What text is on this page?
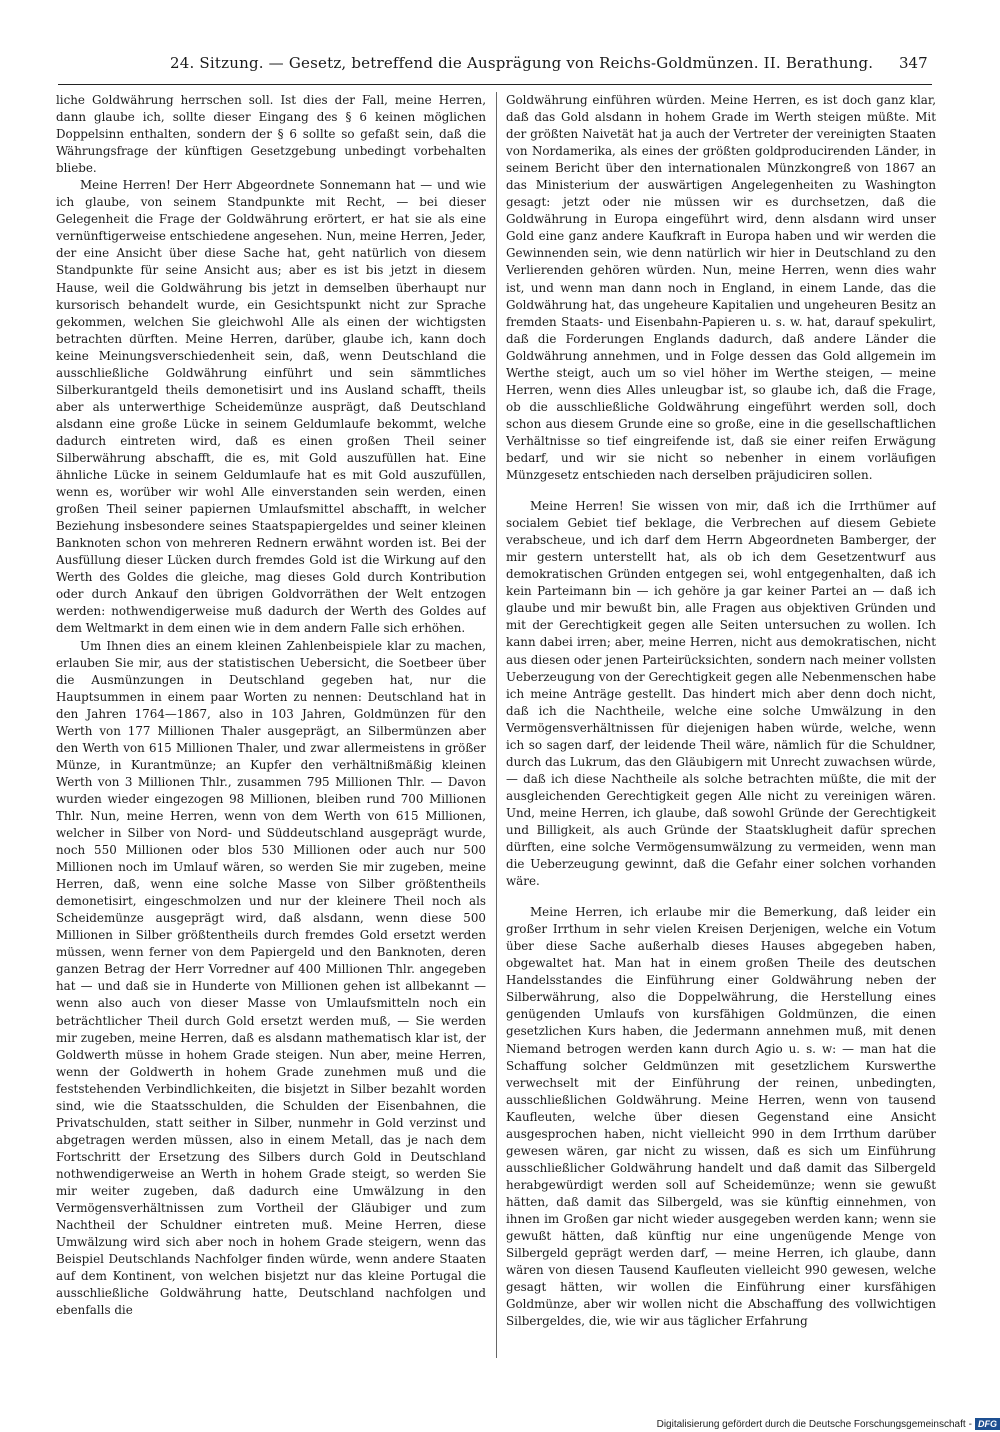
24. Sitzung. — Gesetz, betreffend die Ausprägung von Reichs-Goldmünzen. II. Berathung. 347

liche Goldwährung herrschen soll. Ist dies der Fall, meine Herren, dann glaube ich, sollte dieser Eingang des § 6 keinen möglichen Doppelsinn enthalten, sondern der § 6 sollte so gefaßt sein, daß die Währungsfrage der künftigen Gesetzgebung unbedingt vorbehalten bliebe.

Meine Herren! Der Herr Abgeordnete Sonnemann hat — und wie ich glaube, von seinem Standpunkte mit Recht, — bei dieser Gelegenheit die Frage der Goldwährung erörtert, er hat sie als eine vernünftigerweise entschiedene angesehen. Nun, meine Herren, Jeder, der eine Ansicht über diese Sache hat, geht natürlich von diesem Standpunkte für seine Ansicht aus; aber es ist bis jetzt in diesem Hause, weil die Goldwährung bis jetzt in demselben überhaupt nur kursorisch behandelt wurde, ein Gesichtspunkt nicht zur Sprache gekommen, welchen Sie gleichwohl Alle als einen der wichtigsten betrachten dürften. Meine Herren, darüber, glaube ich, kann doch keine Meinungsverschiedenheit sein, daß, wenn Deutschland die ausschließliche Goldwährung einführt und sein sämmtliches Silberkurantgeld theils demonetisirt und ins Ausland schafft, theils aber als unterwerthige Scheidemünze ausprägt, daß Deutschland alsdann eine große Lücke in seinem Geldumlaufe bekommt, welche dadurch eintreten wird, daß es einen großen Theil seiner Silberwährung abschafft, die es, mit Gold auszufüllen hat. Eine ähnliche Lücke in seinem Geldumlaufe hat es mit Gold auszufüllen, wenn es, worüber wir wohl Alle einverstanden sein werden, einen großen Theil seiner papiernen Umlaufsmittel abschafft, in welcher Beziehung insbesondere seines Staatspapiergeldes und seiner kleinen Banknoten schon von mehreren Rednern erwähnt worden ist. Bei der Ausfüllung dieser Lücken durch fremdes Gold ist die Wirkung auf den Werth des Goldes die gleiche, mag dieses Gold durch Kontribution oder durch Ankauf den übrigen Goldvorräthen der Welt entzogen werden: nothwendigerweise muß dadurch der Werth des Goldes auf dem Weltmarkt in dem einen wie in dem andern Falle sich erhöhen.

Um Ihnen dies an einem kleinen Zahlenbeispiele klar zu machen, erlauben Sie mir, aus der statistischen Uebersicht, die Soetbeer über die Ausmünzungen in Deutschland gegeben hat, nur die Hauptsummen in einem paar Worten zu nennen: Deutschland hat in den Jahren 1764—1867, also in 103 Jahren, Goldmünzen für den Werth von 177 Millionen Thaler ausgeprägt, an Silbermünzen aber den Werth von 615 Millionen Thaler, und zwar allermeistens in größer Münze, in Kurantmünze; an Kupfer den verhältnißmäßig kleinen Werth von 3 Millionen Thlr., zusammen 795 Millionen Thlr. — Davon wurden wieder eingezogen 98 Millionen, bleiben rund 700 Millionen Thlr. Nun, meine Herren, wenn von dem Werth von 615 Millionen, welcher in Silber von Nord- und Süddeutschland ausgeprägt wurde, noch 550 Millionen oder blos 530 Millionen oder auch nur 500 Millionen noch im Umlauf wären, so werden Sie mir zugeben, meine Herren, daß, wenn eine solche Masse von Silber größtentheils demonetisirt, eingeschmolzen und nur der kleinere Theil noch als Scheidemünze ausgeprägt wird, daß alsdann, wenn diese 500 Millionen in Silber größtentheils durch fremdes Gold ersetzt werden müssen, wenn ferner von dem Papiergeld und den Banknoten, deren ganzen Betrag der Herr Vorredner auf 400 Millionen Thlr. angegeben hat — und daß sie in Hunderte von Millionen gehen ist allbekannt — wenn also auch von dieser Masse von Umlaufsmitteln noch ein beträchtlicher Theil durch Gold ersetzt werden muß, — Sie werden mir zugeben, meine Herren, daß es alsdann mathematisch klar ist, der Goldwerth müsse in hohem Grade steigen. Nun aber, meine Herren, wenn der Goldwerth in hohem Grade zunehmen muß und die feststehenden Verbindlichkeiten, die bisjetzt in Silber bezahlt worden sind, wie die Staatsschulden, die Schulden der Eisenbahnen, die Privatschulden, statt seither in Silber, nunmehr in Gold verzinst und abgetragen werden müssen, also in einem Metall, das je nach dem Fortschritt der Ersetzung des Silbers durch Gold in Deutschland nothwendigerweise an Werth in hohem Grade steigt, so werden Sie mir weiter zugeben, daß dadurch eine Umwälzung in den Vermögensverhältnissen zum Vortheil der Gläubiger und zum Nachtheil der Schuldner eintreten muß. Meine Herren, diese Umwälzung wird sich aber noch in hohem Grade steigern, wenn das Beispiel Deutschlands Nachfolger finden würde, wenn andere Staaten auf dem Kontinent, von welchen bisjetzt nur das kleine Portugal die ausschließliche Goldwährung hatte, Deutschland nachfolgen und ebenfalls die

Goldwährung einführen würden. Meine Herren, es ist doch ganz klar, daß das Gold alsdann in hohem Grade im Werth steigen müßte. Mit der größten Naivetät hat ja auch der Vertreter der vereinigten Staaten von Nordamerika, als eines der größten goldproducirenden Länder, in seinem Bericht über den internationalen Münzkongreß von 1867 an das Ministerium der auswärtigen Angelegenheiten zu Washington gesagt: jetzt oder nie müssen wir es durchsetzen, daß die Goldwährung in Europa eingeführt wird, denn alsdann wird unser Gold eine ganz andere Kaufkraft in Europa haben und wir werden die Gewinnenden sein, wie denn natürlich wir hier in Deutschland zu den Verlierenden gehören würden. Nun, meine Herren, wenn dies wahr ist, und wenn man dann noch in England, in einem Lande, das die Goldwährung hat, das ungeheure Kapitalien und ungeheuren Besitz an fremden Staats- und Eisenbahn-Papieren u. s. w. hat, darauf spekulirt, daß die Forderungen Englands dadurch, daß andere Länder die Goldwährung annehmen, und in Folge dessen das Gold allgemein im Werthe steigt, auch um so viel höher im Werthe steigen, — meine Herren, wenn dies Alles unleugbar ist, so glaube ich, daß die Frage, ob die ausschließliche Goldwährung eingeführt werden soll, doch schon aus diesem Grunde eine so große, eine in die gesellschaftlichen Verhältnisse so tief eingreifende ist, daß sie einer reifen Erwägung bedarf, und wir sie nicht so nebenher in einem vorläufigen Münzgesetz entschieden nach derselben präjudiciren sollen.

Meine Herren! Sie wissen von mir, daß ich die Irrthümer auf socialem Gebiet tief beklage, die Verbrechen auf diesem Gebiete verabscheue, und ich darf dem Herrn Abgeordneten Bamberger, der mir gestern unterstellt hat, als ob ich dem Gesetzentwurf aus demokratischen Gründen entgegen sei, wohl entgegenhalten, daß ich kein Parteimann bin — ich gehöre ja gar keiner Partei an — daß ich glaube und mir bewußt bin, alle Fragen aus objektiven Gründen und mit der Gerechtigkeit gegen alle Seiten untersuchen zu wollen. Ich kann dabei irren; aber, meine Herren, nicht aus demokratischen, nicht aus diesen oder jenen Parteirücksichten, sondern nach meiner vollsten Ueberzeugung von der Gerechtigkeit gegen alle Nebenmenschen habe ich meine Anträge gestellt. Das hindert mich aber denn doch nicht, daß ich die Nachtheile, welche eine solche Umwälzung in den Vermögensverhältnissen für diejenigen haben würde, welche, wenn ich so sagen darf, der leidende Theil wäre, nämlich für die Schuldner, durch das Lukrum, das den Gläubigern mit Unrecht zuwachsen würde, — daß ich diese Nachtheile als solche betrachten müßte, die mit der ausgleichenden Gerechtigkeit gegen Alle nicht zu vereinigen wären. Und, meine Herren, ich glaube, daß sowohl Gründe der Gerechtigkeit und Billigkeit, als auch Gründe der Staatsklugheit dafür sprechen dürften, eine solche Vermögensumwälzung zu vermeiden, wenn man die Ueberzeugung gewinnt, daß die Gefahr einer solchen vorhanden wäre.

Meine Herren, ich erlaube mir die Bemerkung, daß leider ein großer Irrthum in sehr vielen Kreisen Derjenigen, welche ein Votum über diese Sache außerhalb dieses Hauses abgegeben haben, obgewaltet hat. Man hat in einem großen Theile des deutschen Handelsstandes die Einführung einer Goldwährung neben der Silberwährung, also die Doppelwährung, die Herstellung eines genügenden Umlaufs von kursfähigen Goldmünzen, die einen gesetzlichen Kurs haben, die Jedermann annehmen muß, mit denen Niemand betrogen werden kann durch Agio u. s. w: — man hat die Schaffung solcher Geldmünzen mit gesetzlichem Kurswerthe verwechselt mit der Einführung der reinen, unbedingten, ausschließlichen Goldwährung. Meine Herren, wenn von tausend Kaufleuten, welche über diesen Gegenstand eine Ansicht ausgesprochen haben, nicht vielleicht 990 in dem Irrthum darüber gewesen wären, gar nicht zu wissen, daß es sich um Einführung ausschließlicher Goldwährung handelt und daß damit das Silbergeld herabgewürdigt werden soll auf Scheidemünze; wenn sie gewußt hätten, daß damit das Silbergeld, was sie künftig einnehmen, von ihnen im Großen gar nicht wieder ausgegeben werden kann; wenn sie gewußt hätten, daß künftig nur eine ungenügende Menge von Silbergeld geprägt werden darf, — meine Herren, ich glaube, dann wären von diesen Tausend Kaufleuten vielleicht 990 gewesen, welche gesagt hätten, wir wollen die Einführung einer kursfähigen Goldmünze, aber wir wollen nicht die Abschaffung des vollwichtigen Silbergeldes, die, wie wir aus täglicher Erfahrung

Digitalisierung gefördert durch die Deutsche Forschungsgemeinschaft - DFG
